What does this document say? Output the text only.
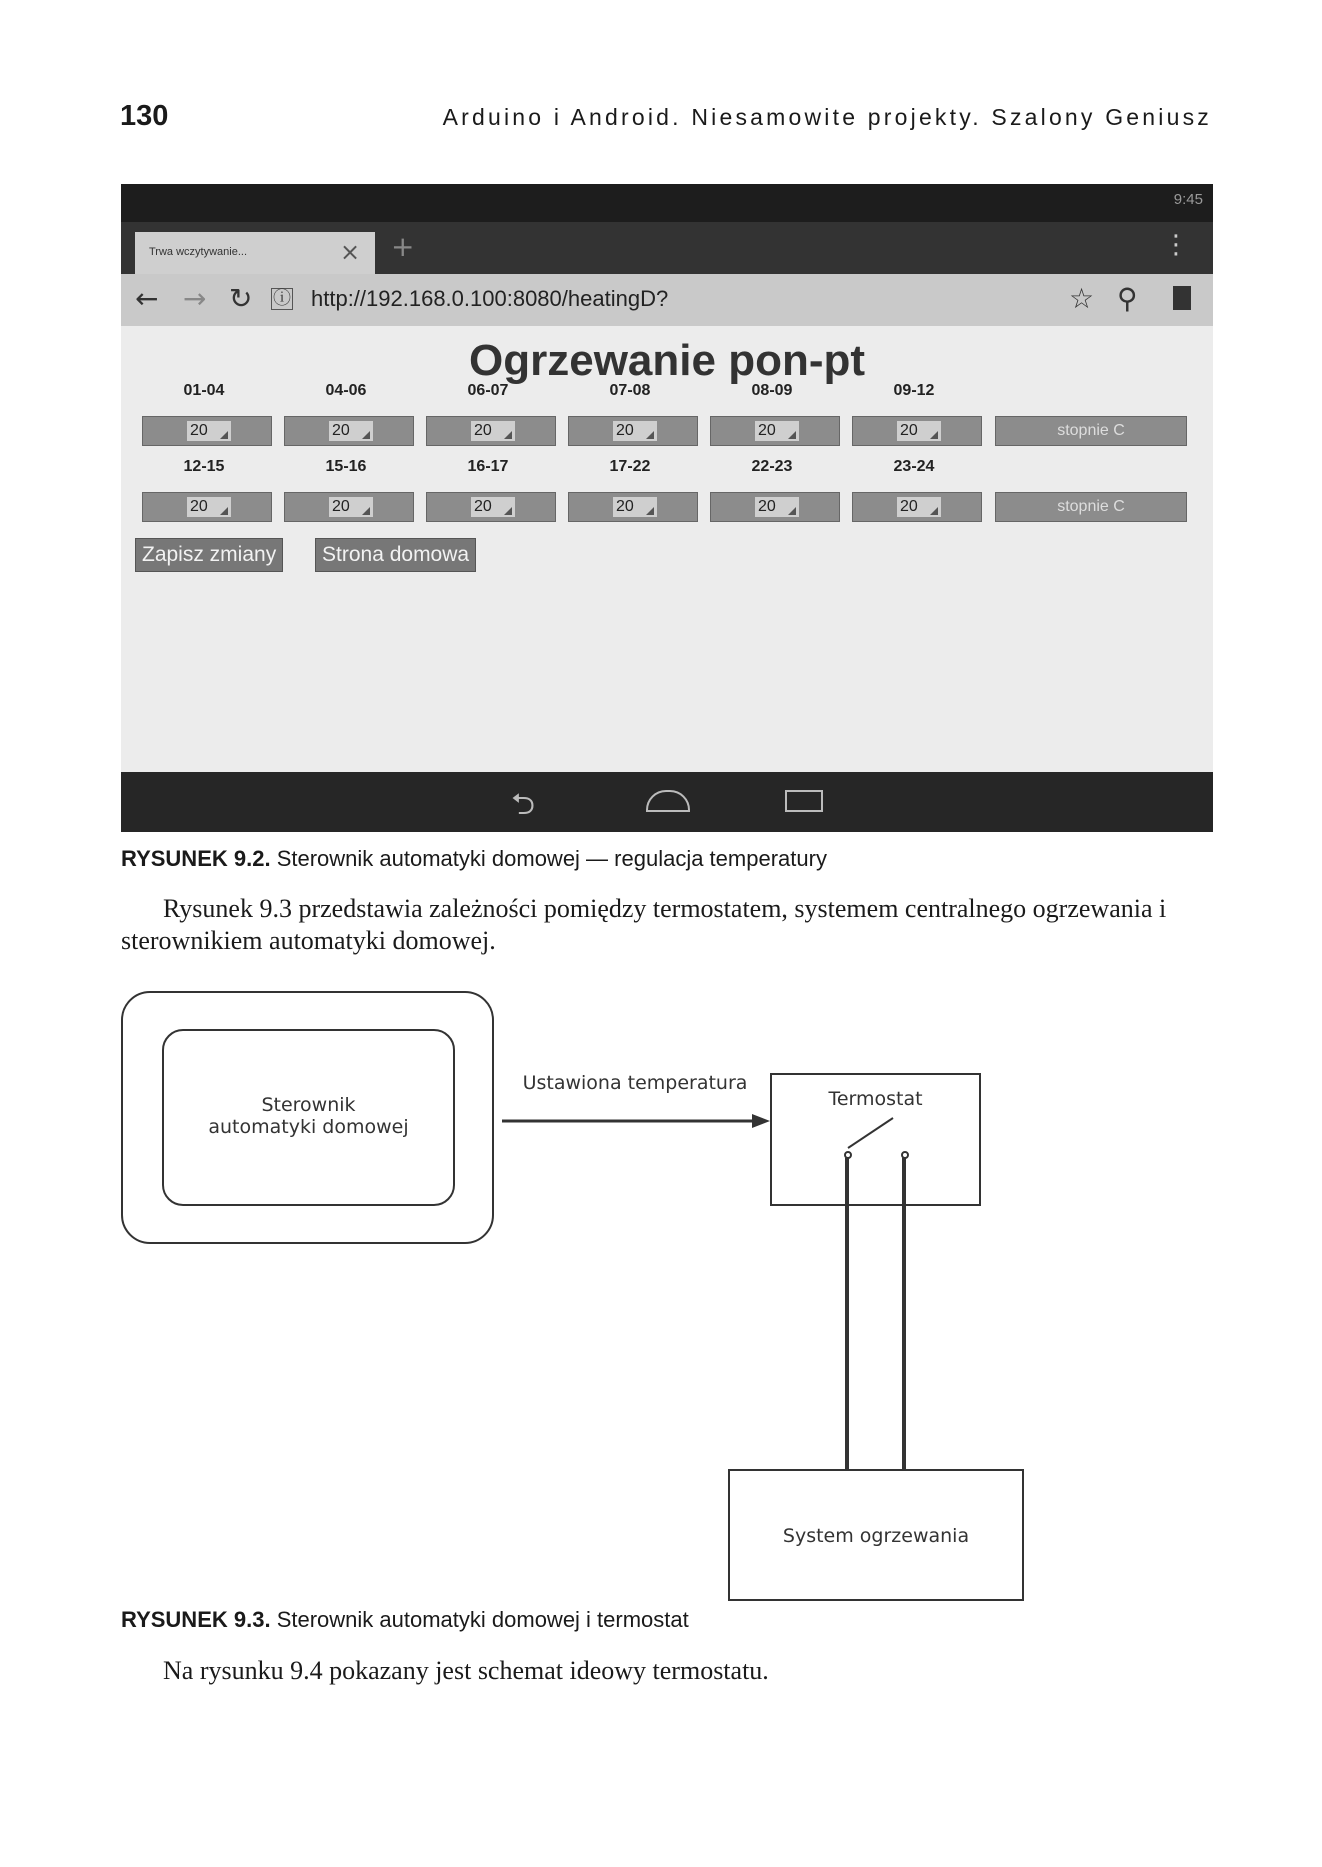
130	Arduino i Android. Niesamowite projekty. Szalony Geniusz
9:45
Trwa wczytywanie...	× +	⋮
← → ↻ ⓘ http://192.168.0.100:8080/heatingD?	☆ ⚲
Ogrzewanie pon-pt
01-04	04-06	06-07	07-08	08-09	09-12
20	20	20	20	20	20	stopnie C
12-15	15-16	16-17	17-22	22-23	23-24
20	20	20	20	20	20	stopnie C
Zapisz zmiany	Strona domowa
⮌
RYSUNEK 9.2. Sterownik automatyki domowej — regulacja temperatury
Rysunek 9.3 przedstawia zależności pomiędzy termostatem, systemem centralnego ogrzewania i sterownikiem automatyki domowej.
Sterownik
automatyki domowej
Ustawiona temperatura
Termostat
System ogrzewania
RYSUNEK 9.3. Sterownik automatyki domowej i termostat
Na rysunku 9.4 pokazany jest schemat ideowy termostatu.
